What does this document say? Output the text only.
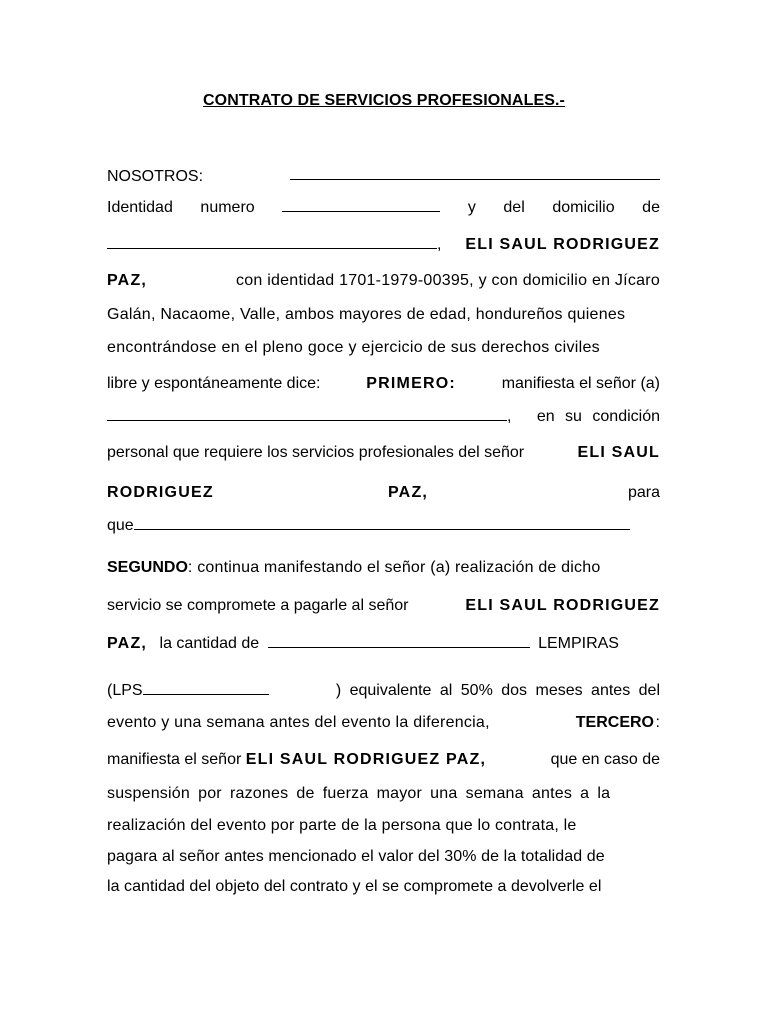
CONTRATO DE SERVICIOS PROFESIONALES.-
NOSOTROS:
Identidad numero	y del domicilio de
, ELI SAUL RODRIGUEZ
PAZ,	con identidad 1701-1979-00395, y con domicilio en Jícaro
Galán, Nacaome, Valle, ambos mayores de edad, hondureños quienes
encontrándose en el pleno goce y ejercicio de sus derechos civiles
libre y espontáneamente dice:	PRIMERO:	manifiesta el señor (a)
, en su condición
personal que requiere los servicios profesionales del señor	ELI SAUL
RODRIGUEZ	PAZ,	para
que
SEGUNDO: continua manifestando el señor (a) realización de dicho
servicio se compromete a pagarle al señor	ELI SAUL RODRIGUEZ
PAZ, la cantidad de	LEMPIRAS
(LPS	) equivalente al 50% dos meses antes del
evento y una semana antes del evento la diferencia,	TERCERO :
manifiesta el señor ELI SAUL RODRIGUEZ PAZ,	que en caso de
suspensión por razones de fuerza mayor una semana antes a la
realización del evento por parte de la persona que lo contrata, le
pagara al señor antes mencionado el valor del 30% de la totalidad de
la cantidad del objeto del contrato y el se compromete a devolverle el
